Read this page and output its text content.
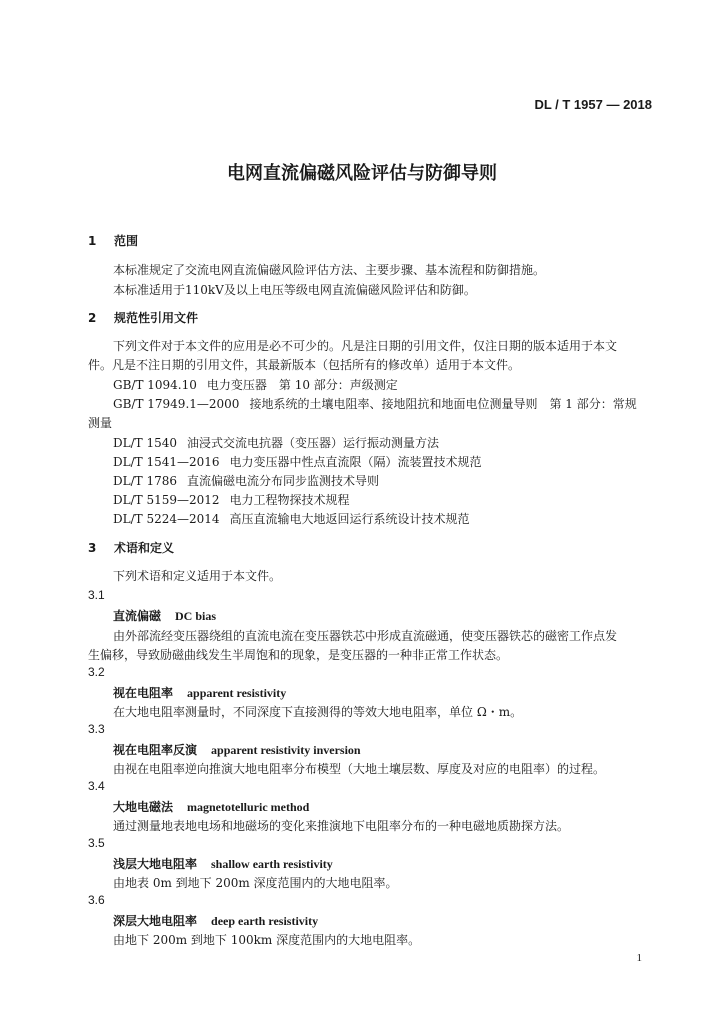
DL / T 1957 — 2018
电网直流偏磁风险评估与防御导则
1 范围
本标准规定了交流电网直流偏磁风险评估方法、主要步骤、基本流程和防御措施。
本标准适用于110kV及以上电压等级电网直流偏磁风险评估和防御。
2 规范性引用文件
下列文件对于本文件的应用是必不可少的。凡是注日期的引用文件，仅注日期的版本适用于本文
件。凡是不注日期的引用文件，其最新版本（包括所有的修改单）适用于本文件。
GB/T 1094.10 电力变压器　第 10 部分：声级测定
GB/T 17949.1—2000 接地系统的土壤电阻率、接地阻抗和地面电位测量导则　第 1 部分：常规
测量
DL/T 1540 油浸式交流电抗器（变压器）运行振动测量方法
DL/T 1541—2016 电力变压器中性点直流限（隔）流装置技术规范
DL/T 1786 直流偏磁电流分布同步监测技术导则
DL/T 5159—2012 电力工程物探技术规程
DL/T 5224—2014 高压直流输电大地返回运行系统设计技术规范
3 术语和定义
下列术语和定义适用于本文件。
3.1
直流偏磁 DC bias
由外部流经变压器绕组的直流电流在变压器铁芯中形成直流磁通，使变压器铁芯的磁密工作点发
生偏移，导致励磁曲线发生半周饱和的现象，是变压器的一种非正常工作状态。
3.2
视在电阻率 apparent resistivity
在大地电阻率测量时，不同深度下直接测得的等效大地电阻率，单位 Ω・m。
3.3
视在电阻率反演 apparent resistivity inversion
由视在电阻率逆向推演大地电阻率分布模型（大地土壤层数、厚度及对应的电阻率）的过程。
3.4
大地电磁法 magnetotelluric method
通过测量地表地电场和地磁场的变化来推演地下电阻率分布的一种电磁地质勘探方法。
3.5
浅层大地电阻率 shallow earth resistivity
由地表 0m 到地下 200m 深度范围内的大地电阻率。
3.6
深层大地电阻率 deep earth resistivity
由地下 200m 到地下 100km 深度范围内的大地电阻率。
1
